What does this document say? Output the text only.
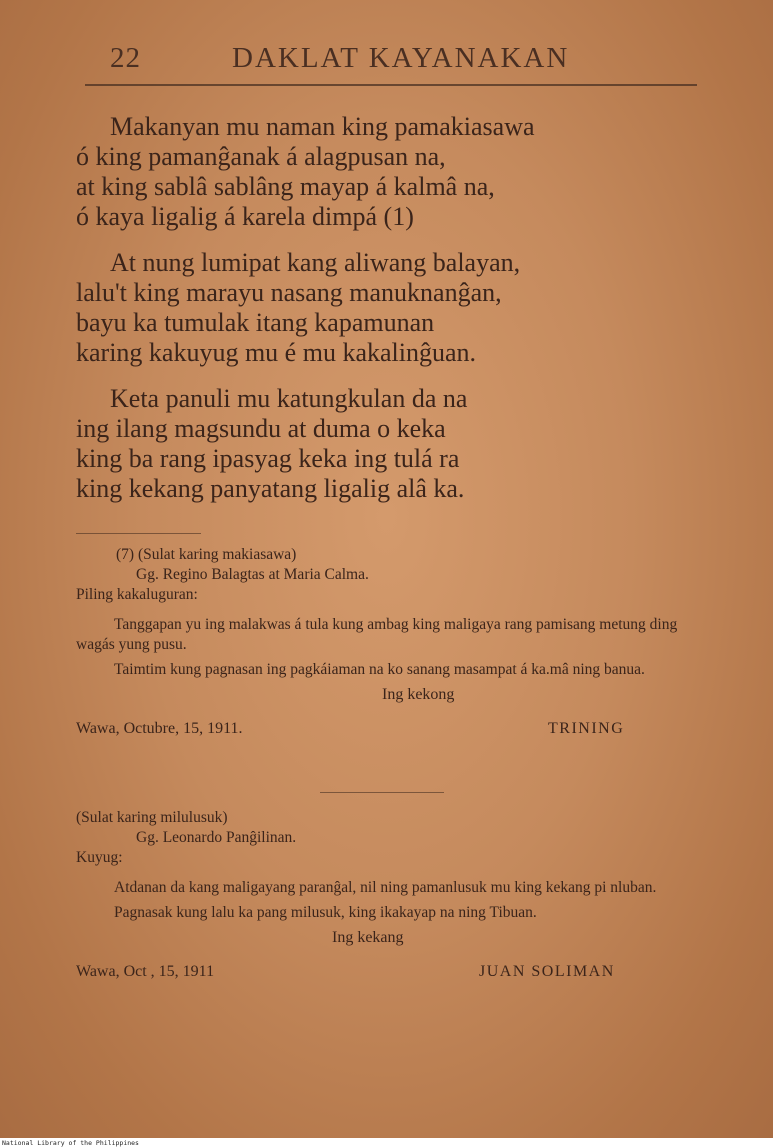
22	DAKLAT KAYANAKAN
Makanyan mu naman king pamakiasawa
ó king pamanĝanak á alagpusan na,
at king sablâ sablâng mayap á kalmâ na,
ó kaya ligalig á karela dimpá (1)
At nung lumipat kang aliwang balayan,
lalu't king marayu nasang manuknanĝan,
bayu ka tumulak itang kapamunan
karing kakuyug mu é mu kakalinĝuan.
Keta panuli mu katungkulan da na
ing ilang magsundu at duma o keka
king ba rang ipasyag keka ing tulá ra
king kekang panyatang ligalig alâ ka.
(7) (Sulat karing makiasawa)
Gg. Regino Balagtas at Maria Calma.
Piling kakaluguran:

Tanggapan yu ing malakwas á tula kung ambag king maligaya rang pamisang metung ding wagás yung pusu.

Taimtim kung pagnasan ing pagkáiaman na ko sanang masampat á ka.mâ ning banua.

Ing kekong
Wawa, Octubre, 15, 1911.	TRINING
(Sulat karing milulusuk)
Gg. Leonardo Panĝilinan.
Kuyug:

Atdanan da kang maligayang paranĝal, nil ning pamanlusuk mu king kekang pi nluban.

Pagnasak kung lalu ka pang milusuk, king ikakayap na ning Tibuan.

Ing kekang
Wawa, Oct , 15, 1911	JUAN SOLIMAN
National Library of the Philippines
